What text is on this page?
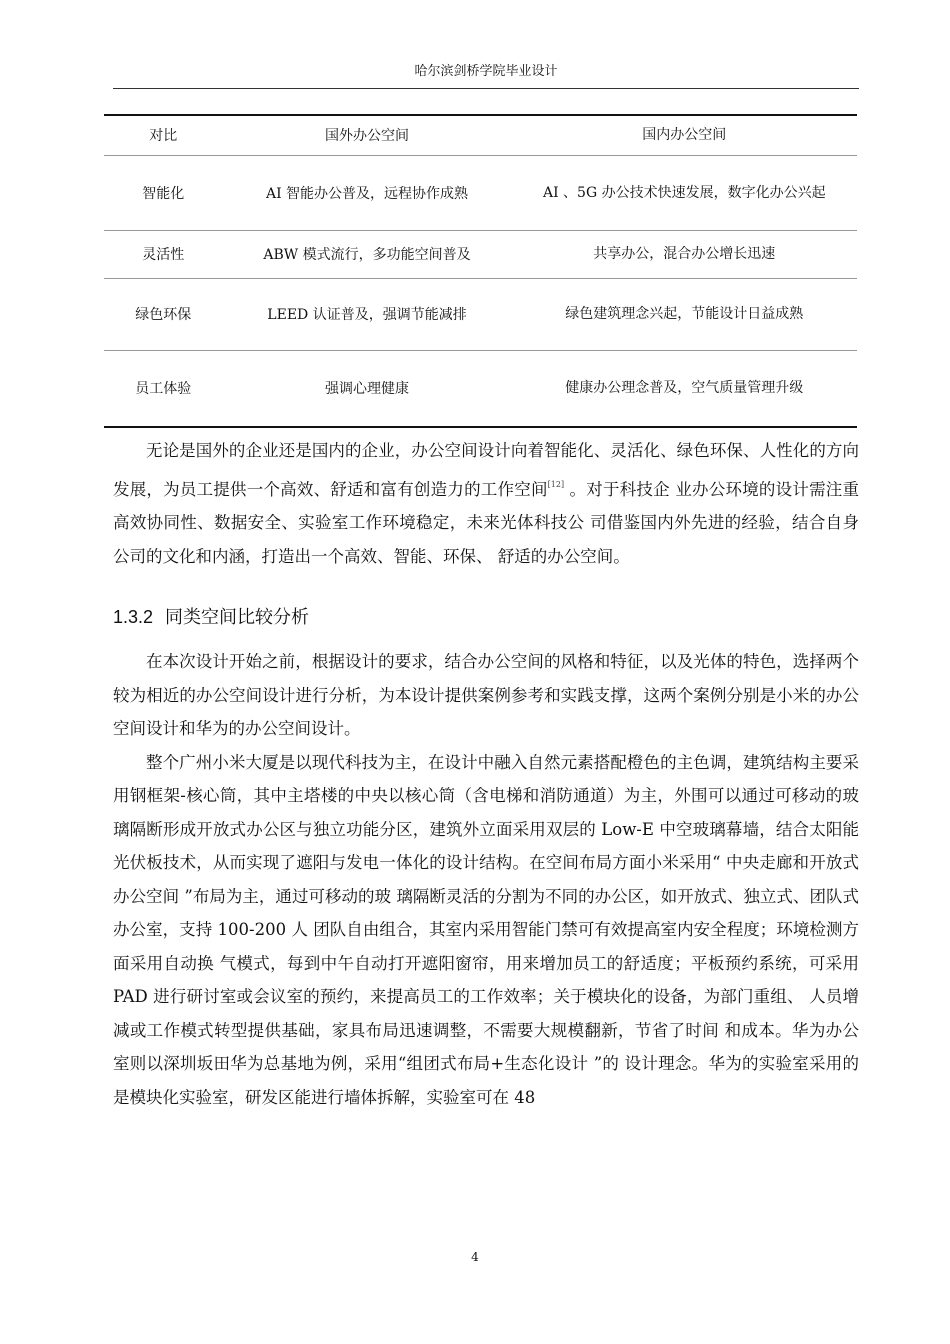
哈尔滨剑桥学院毕业设计
对比	国外办公空间	国内办公空间
智能化	AI 智能办公普及，远程协作成熟	AI 、5G 办公技术快速发展，数字化办公兴起
灵活性	ABW 模式流行，多功能空间普及	共享办公，混合办公增长迅速
绿色环保	LEED 认证普及，强调节能减排	绿色建筑理念兴起，节能设计日益成熟
员工体验	强调心理健康	健康办公理念普及，空气质量管理升级

无论是国外的企业还是国内的企业，办公空间设计向着智能化、灵活化、绿色环保、人性化的方向发展，为员工提供一个高效、舒适和富有创造力的工作空间[12] 。对于科技企 业办公环境的设计需注重高效协同性、数据安全、实验室工作环境稳定，未来光体科技公 司借鉴国内外先进的经验，结合自身公司的文化和内涵，打造出一个高效、智能、环保、 舒适的办公空间。

1.3.2 同类空间比较分析

在本次设计开始之前，根据设计的要求，结合办公空间的风格和特征，以及光体的特色，选择两个较为相近的办公空间设计进行分析，为本设计提供案例参考和实践支撑，这两个案例分别是小米的办公空间设计和华为的办公空间设计。

整个广州小米大厦是以现代科技为主，在设计中融入自然元素搭配橙色的主色调，建筑结构主要采用钢框架-核心筒，其中主塔楼的中央以核心筒（含电梯和消防通道）为主，外围可以通过可移动的玻璃隔断形成开放式办公区与独立功能分区，建筑外立面采用双层的 Low-E 中空玻璃幕墙，结合太阳能光伏板技术，从而实现了遮阳与发电一体化的设计结构。在空间布局方面小米采用“ 中央走廊和开放式办公空间 ”布局为主，通过可移动的玻 璃隔断灵活的分割为不同的办公区，如开放式、独立式、团队式办公室，支持 100-200 人 团队自由组合，其室内采用智能门禁可有效提高室内安全程度；环境检测方面采用自动换 气模式，每到中午自动打开遮阳窗帘，用来增加员工的舒适度；平板预约系统，可采用 PAD 进行研讨室或会议室的预约，来提高员工的工作效率；关于模块化的设备，为部门重组、 人员增减或工作模式转型提供基础，家具布局迅速调整，不需要大规模翻新，节省了时间 和成本。华为办公室则以深圳坂田华为总基地为例，采用“组团式布局+生态化设计 ”的 设计理念。华为的实验室采用的是模块化实验室，研发区能进行墙体拆解，实验室可在 48

4
